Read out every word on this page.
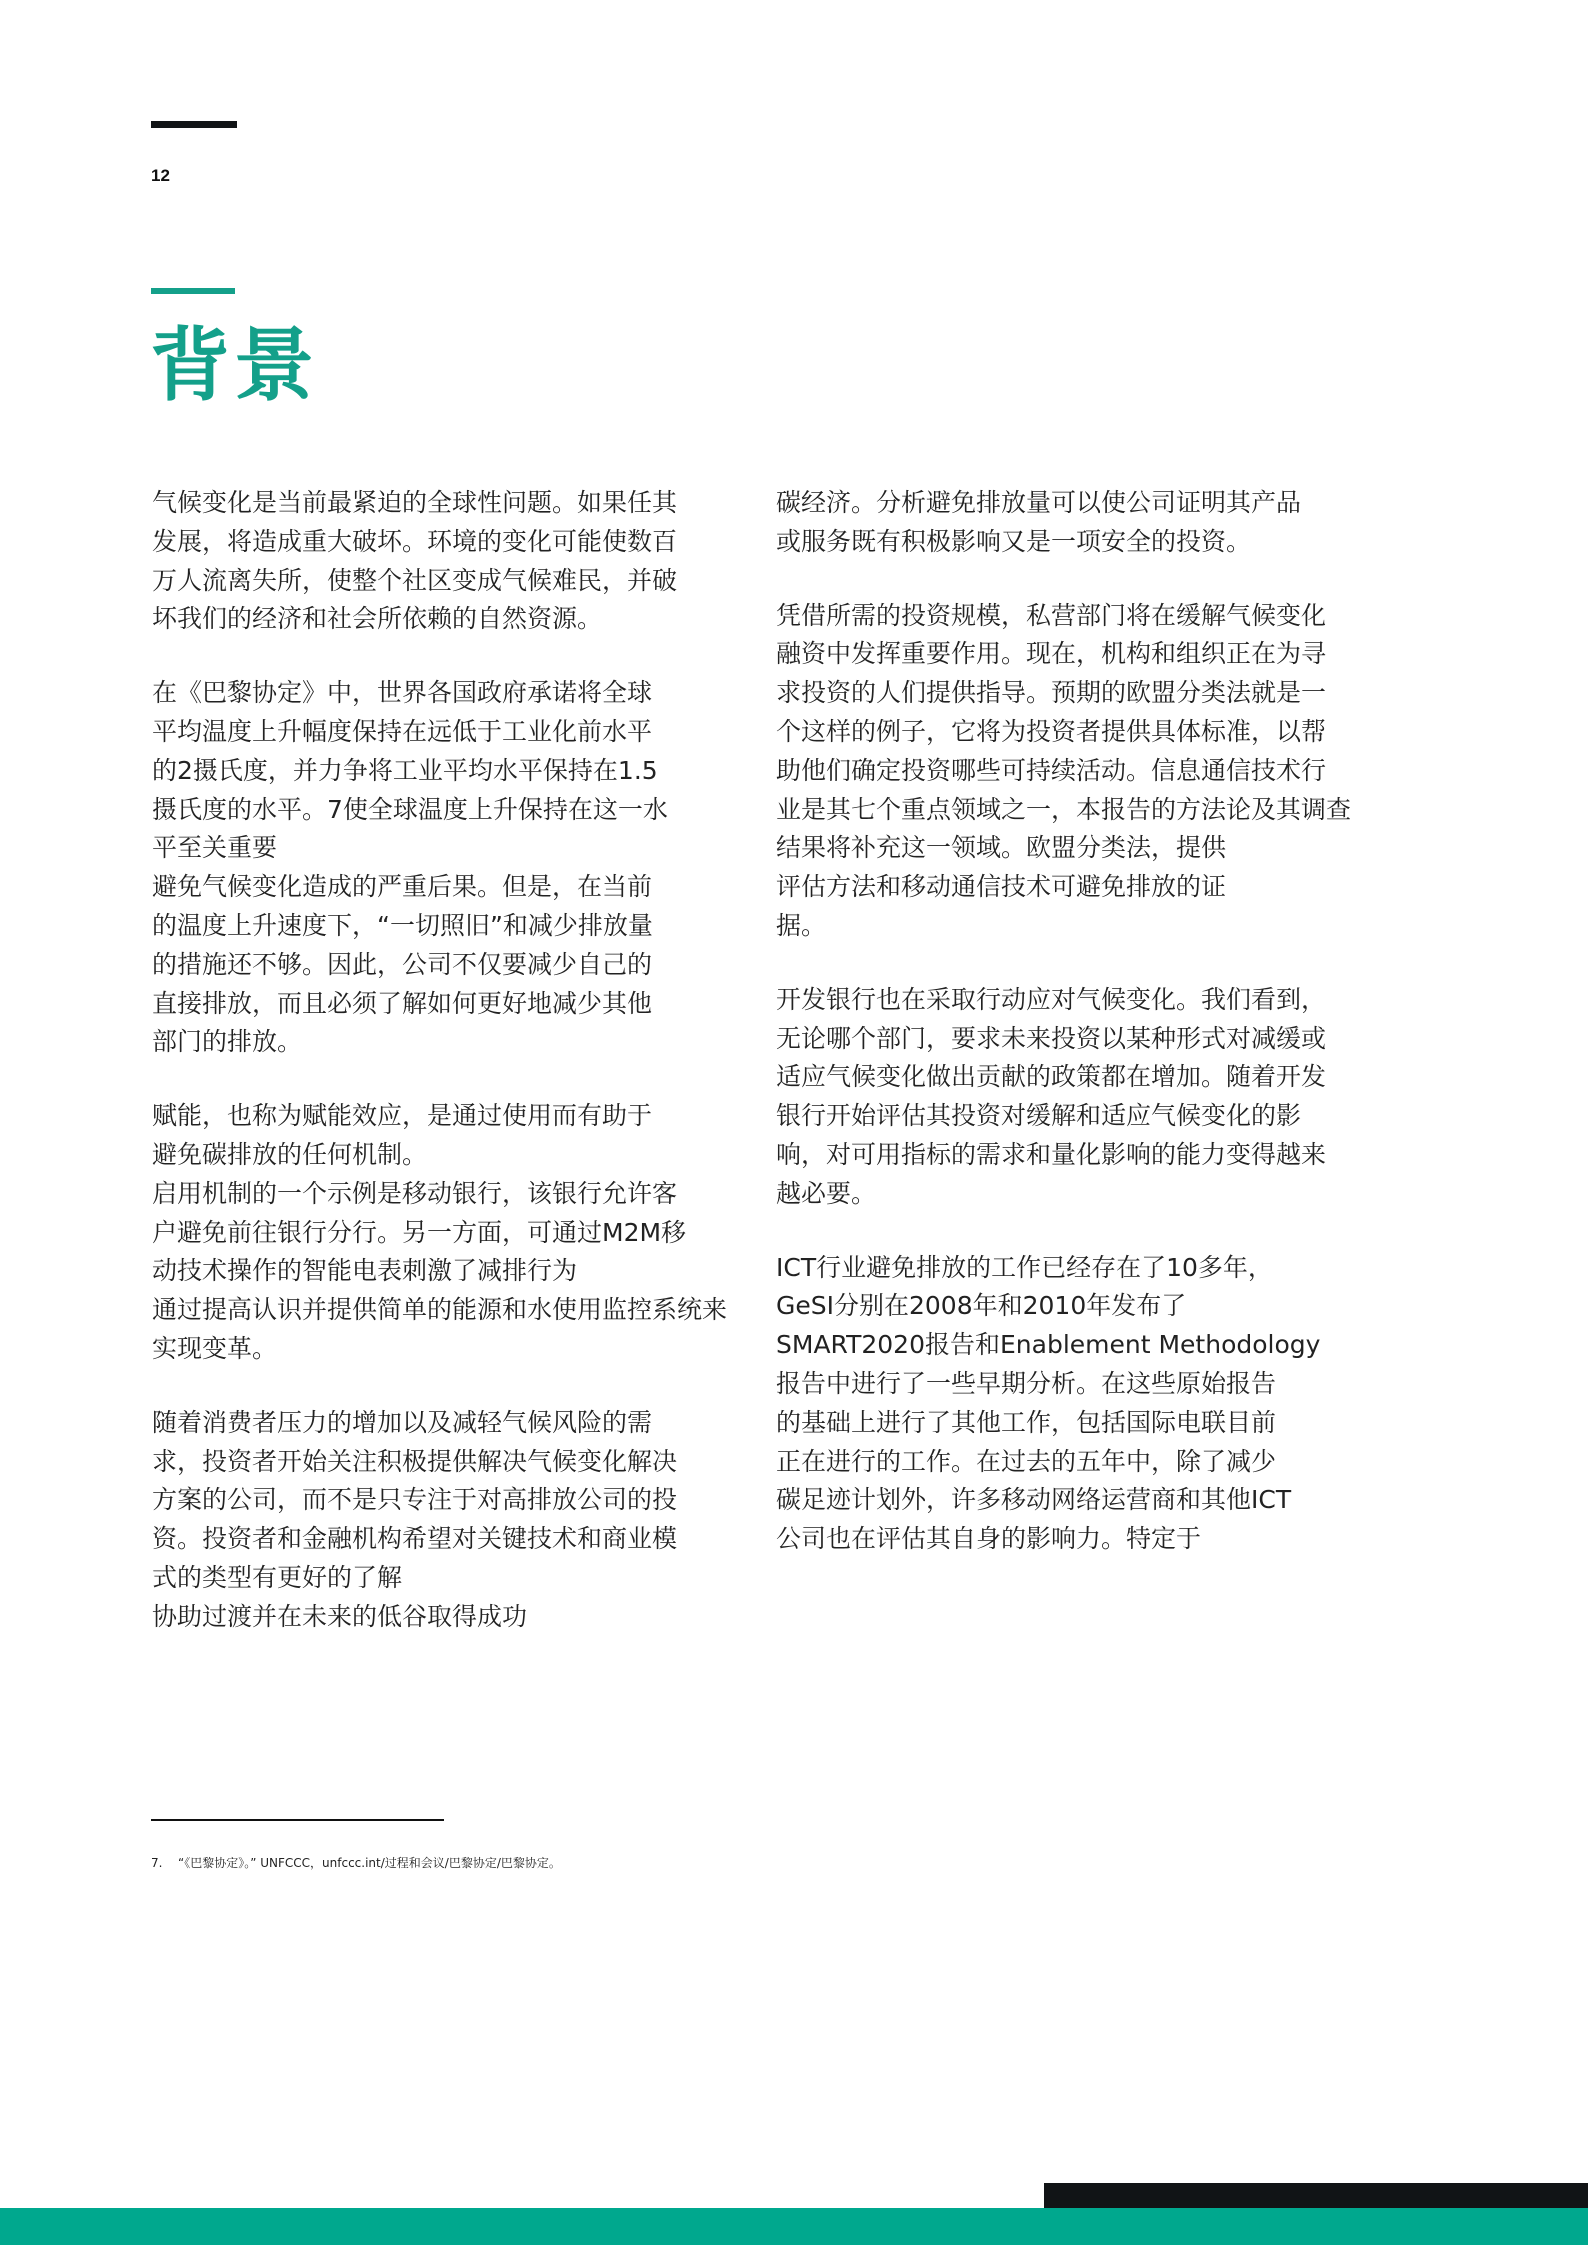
12
背景
气候变化是当前最紧迫的全球性问题。如果任其
发展，将造成重大破坏。环境的变化可能使数百
万人流离失所，使整个社区变成气候难民，并破
坏我们的经济和社会所依赖的自然资源。
在《巴黎协定》中，世界各国政府承诺将全球
平均温度上升幅度保持在远低于工业化前水平
的2摄氏度，并力争将工业平均水平保持在1.5
摄氏度的水平。7使全球温度上升保持在这一水
平至关重要
避免气候变化造成的严重后果。但是，在当前
的温度上升速度下，“一切照旧”和减少排放量
的措施还不够。因此，公司不仅要减少自己的
直接排放，而且必须了解如何更好地减少其他
部门的排放。
赋能，也称为赋能效应，是通过使用而有助于
避免碳排放的任何机制。
启用机制的一个示例是移动银行，该银行允许客
户避免前往银行分行。另一方面，可通过M2M移
动技术操作的智能电表刺激了减排行为
通过提高认识并提供简单的能源和水使用监控系统来
实现变革。
随着消费者压力的增加以及减轻气候风险的需
求，投资者开始关注积极提供解决气候变化解决
方案的公司，而不是只专注于对高排放公司的投
资。投资者和金融机构希望对关键技术和商业模
式的类型有更好的了解
协助过渡并在未来的低谷取得成功
碳经济。分析避免排放量可以使公司证明其产品
或服务既有积极影响又是一项安全的投资。
凭借所需的投资规模，私营部门将在缓解气候变化
融资中发挥重要作用。现在，机构和组织正在为寻
求投资的人们提供指导。预期的欧盟分类法就是一
个这样的例子，它将为投资者提供具体标准，以帮
助他们确定投资哪些可持续活动。信息通信技术行
业是其七个重点领域之一，本报告的方法论及其调查
结果将补充这一领域。欧盟分类法，提供
评估方法和移动通信技术可避免排放的证
据。
开发银行也在采取行动应对气候变化。我们看到，
无论哪个部门，要求未来投资以某种形式对减缓或
适应气候变化做出贡献的政策都在增加。随着开发
银行开始评估其投资对缓解和适应气候变化的影
响，对可用指标的需求和量化影响的能力变得越来
越必要。
ICT行业避免排放的工作已经存在了10多年，
GeSI分别在2008年和2010年发布了
SMART2020报告和Enablement Methodology
报告中进行了一些早期分析。在这些原始报告
的基础上进行了其他工作，包括国际电联目前
正在进行的工作。在过去的五年中，除了减少
碳足迹计划外，许多移动网络运营商和其他ICT
公司也在评估其自身的影响力。特定于
7. “《巴黎协定》。” UNFCCC，unfccc.int/过程和会议/巴黎协定/巴黎协定。
